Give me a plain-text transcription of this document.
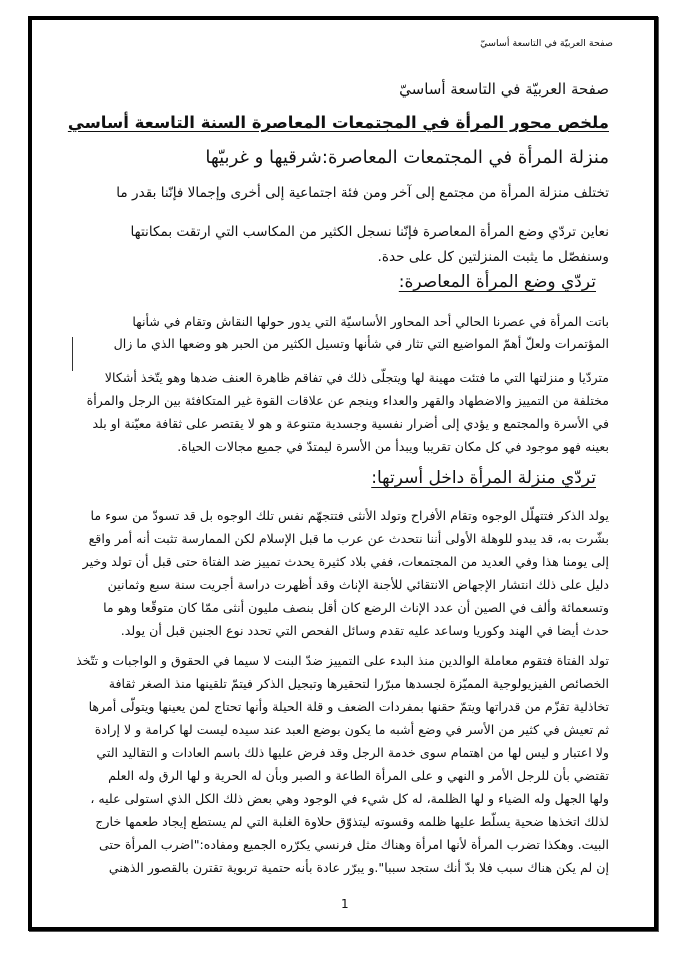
صفحة العربيّة في التاسعة أساسيّ
صفحة العربيّة في التاسعة أساسيّ
ملخص محور المرأة في المجتمعات المعاصرة السنة التاسعة أساسي
منزلة المرأة في المجتمعات المعاصرة:شرقيها و غربيّها
تختلف منزلة المرأة من مجتمع إلى آخر ومن فئة اجتماعية إلى أخرى وإجمالا فإنّنا بقدر ما
نعاين تردّي وضع المرأة المعاصرة فإنّنا نسجل الكثير من المكاسب التي ارتقت بمكانتها
وسنفصّل ما يثبت المنزلتين كل على حدة.
تردّي وضع المرأة المعاصرة:
باتت المرأة في عصرنا الحالي أحد المحاور الأساسيّة التي يدور حولها النقاش وتقام في شأنها
المؤتمرات ولعلّ أهمّ المواضيع التي تثار في شأنها وتسيل الكثير من الحبر هو وضعها الذي ما زال
متردّيا و منزلتها التي ما فتئت مهينة لها ويتجلّى ذلك في تفاقم ظاهرة العنف ضدها وهو يتّخذ أشكالا
مختلفة من التمييز والاضطهاد والقهر والعداء وينجم عن علاقات القوة غير المتكافئة بين الرجل والمرأة
في الأسرة والمجتمع و يؤدي إلى أضرار نفسية وجسدية متنوعة و هو لا يقتصر على ثقافة معيّنة او بلد
بعينه فهو موجود في كل مكان تقريبا ويبدأ من الأسرة ليمتدّ في جميع مجالات الحياة.
تردّي منزلة المرأة داخل أسرتها:
يولد الذكر فتتهلّل الوجوه وتقام الأفراح وتولد الأنثى فتتجهّم نفس تلك الوجوه بل قد تسودّ من سوء ما
بشّرت به، قد يبدو للوهلة الأولى أننا نتحدث عن عرب ما قبل الإسلام لكن الممارسة تثبت أنه أمر واقع
إلى يومنا هذا وفي العديد من المجتمعات، ففي بلاد كثيرة يحدث تمييز ضد الفتاة حتى قبل أن تولد وخير
دليل على ذلك انتشار الإجهاض الانتقائي للأجنة الإناث وقد أظهرت دراسة أجريت سنة سبع وثمانين
وتسعمائة وألف في الصين أن عدد الإناث الرضع كان أقل بنصف مليون أنثى ممّا كان متوقّعا وهو ما
حدث أيضا في الهند وكوريا وساعد عليه تقدم وسائل الفحص التي تحدد نوع الجنين قبل أن يولد.
تولد الفتاة فتقوم معاملة الوالدين منذ البدء على التمييز ضدّ البنت لا سيما في الحقوق و الواجبات و تتّخذ
الخصائص الفيزيولوجية المميّزة لجسدها مبرّرا لتحقيرها وتبجيل الذكر فيتمّ تلقينها منذ الصغر ثقافة
تخاذلية تقزّم من قدراتها ويتمّ حقنها بمفردات الضعف و قلة الحيلة وأنها تحتاج لمن يعينها ويتولّى أمرها
ثم تعيش في كثير من الأسر في وضع أشبه ما يكون بوضع العبد عند سيده ليست لها كرامة و لا إرادة
ولا اعتبار و ليس لها من اهتمام سوى خدمة الرجل وقد فرض عليها ذلك باسم العادات و التقاليد التي
تقتضي بأن للرجل الأمر و النهي و على المرأة الطاعة و الصبر وبأن له الحرية و لها الرق وله العلم
ولها الجهل وله الضياء و لها الظلمة، له كل شيء في الوجود وهي بعض ذلك الكل الذي استولى عليه ،
لذلك اتخذها ضحية يسلّط عليها ظلمه وقسوته ليتذوّق حلاوة الغلبة التي لم يستطع إيجاد طعمها خارج
البيت. وهكذا تضرب المرأة لأنها امرأة وهناك مثل فرنسي يكرّره الجميع ومفاده:"اضرب المرأة حتى
إن لم يكن هناك سبب فلا بدّ أنك ستجد سببا".و يبرّر عادة بأنه حتمية تربوية تقترن بالقصور الذهني
1
